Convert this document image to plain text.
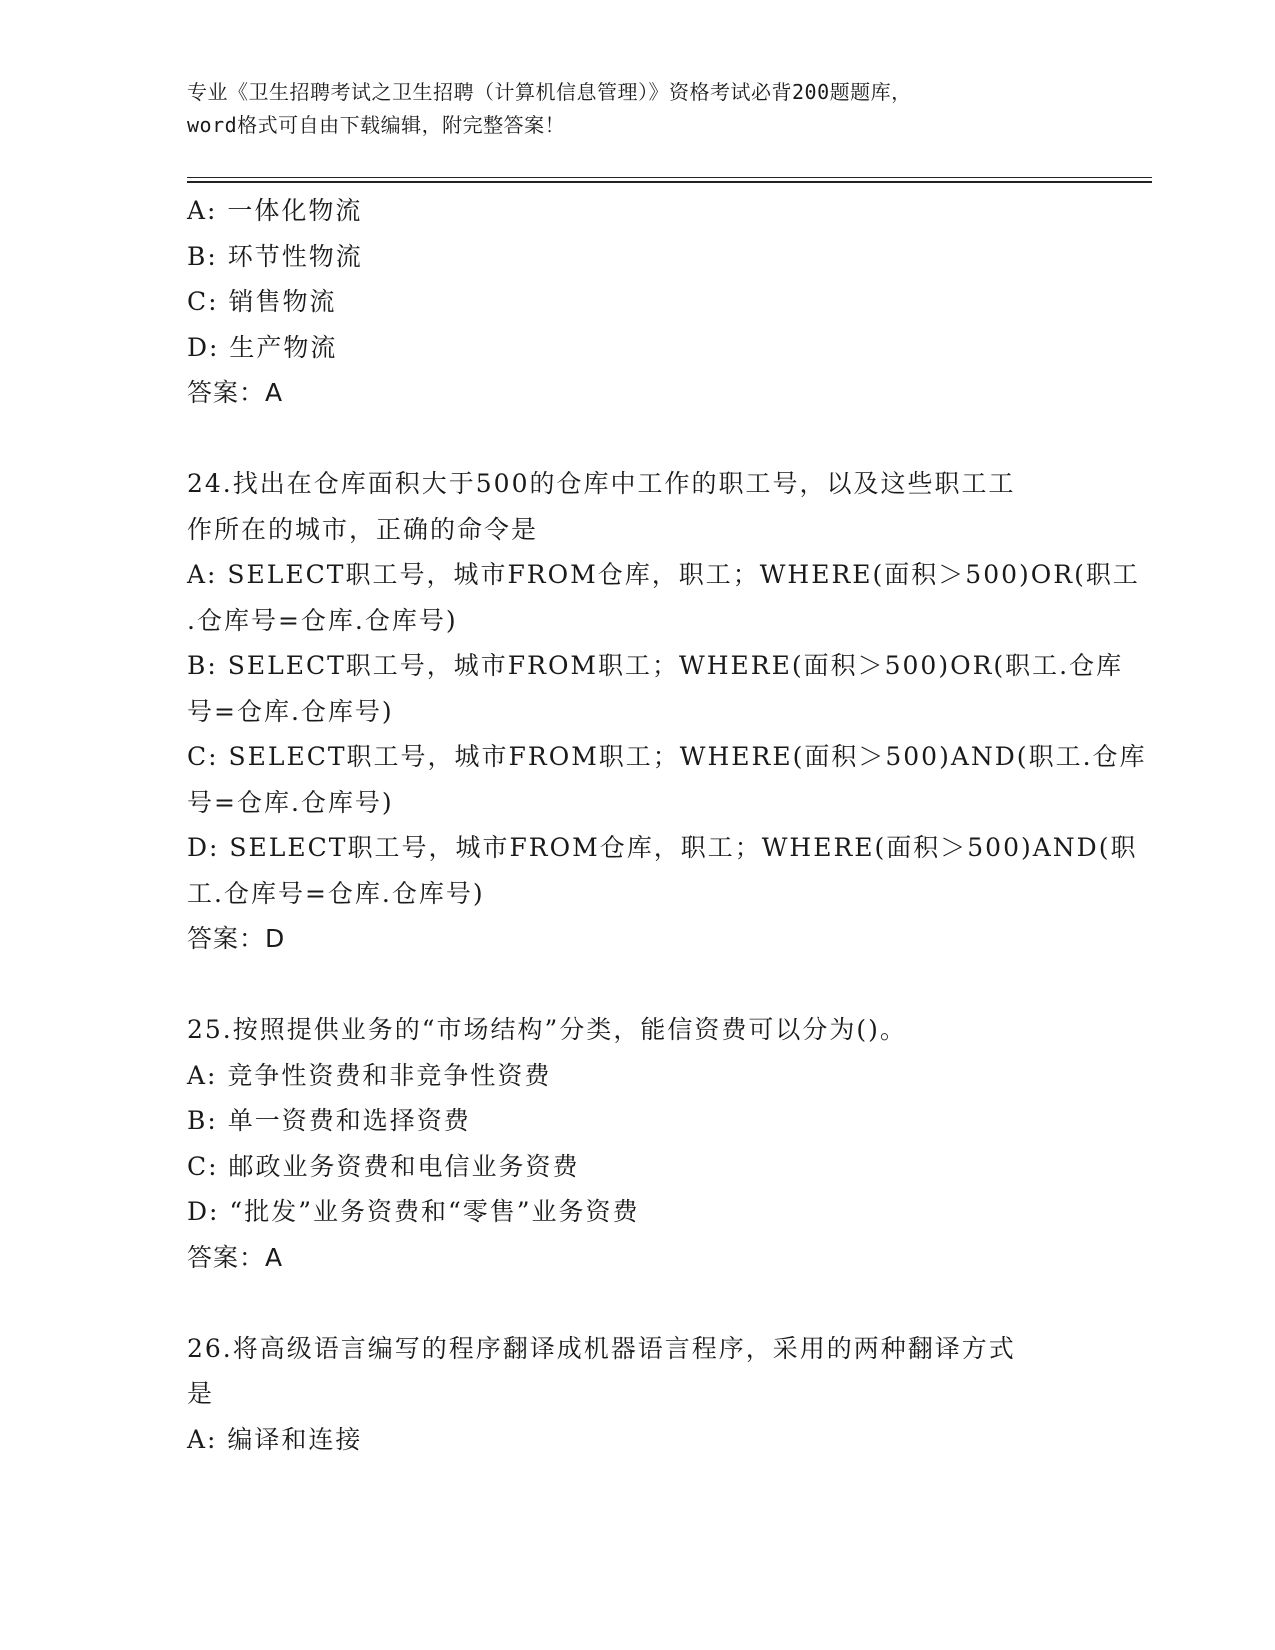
专业《卫生招聘考试之卫生招聘（计算机信息管理）》资格考试必背200题题库，
word格式可自由下载编辑，附完整答案！
A: 一体化物流
B: 环节性物流
C: 销售物流
D: 生产物流
答案：A
24.找出在仓库面积大于500的仓库中工作的职工号，以及这些职工工
作所在的城市，正确的命令是
A: SELECT职工号，城市FROM仓库，职工；WHERE(面积＞500)OR(职工
.仓库号=仓库.仓库号)
B: SELECT职工号，城市FROM职工；WHERE(面积＞500)OR(职工.仓库
号=仓库.仓库号)
C: SELECT职工号，城市FROM职工；WHERE(面积＞500)AND(职工.仓库
号=仓库.仓库号)
D: SELECT职工号，城市FROM仓库，职工；WHERE(面积＞500)AND(职
工.仓库号=仓库.仓库号)
答案：D
25.按照提供业务的“市场结构”分类，能信资费可以分为()。
A: 竞争性资费和非竞争性资费
B: 单一资费和选择资费
C: 邮政业务资费和电信业务资费
D: “批发”业务资费和“零售”业务资费
答案：A
26.将高级语言编写的程序翻译成机器语言程序，采用的两种翻译方式
是
A: 编译和连接
